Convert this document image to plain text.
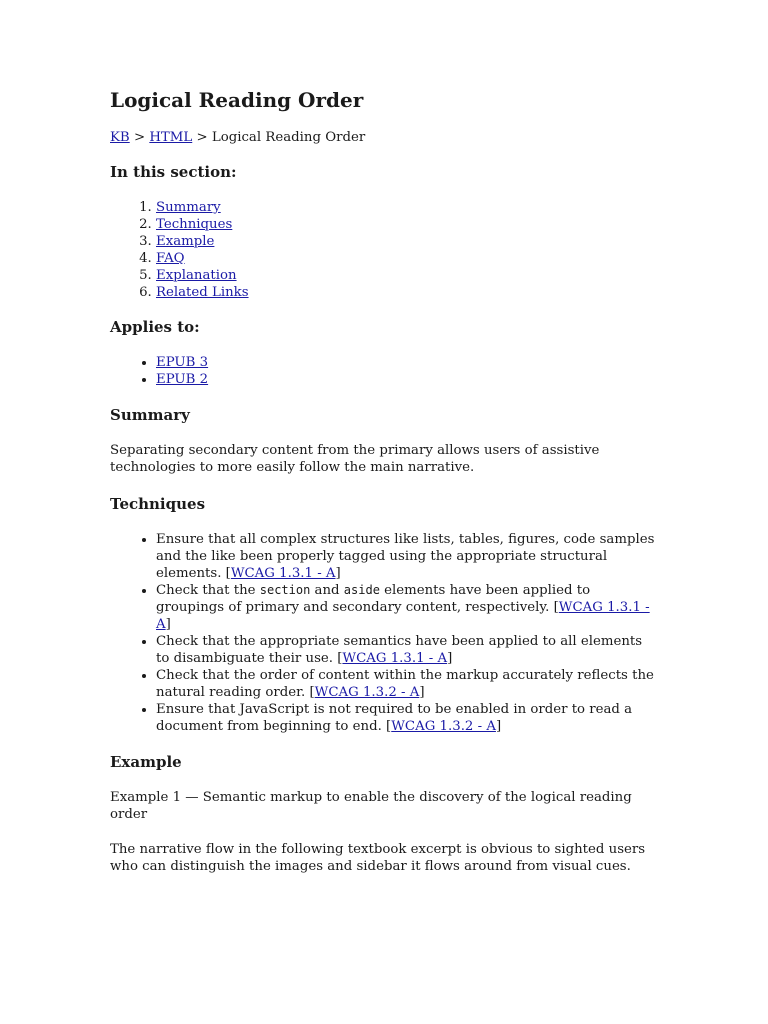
Logical Reading Order

KB > HTML > Logical Reading Order

In this section:
1. Summary
2. Techniques
3. Example
4. FAQ
5. Explanation
6. Related Links
Applies to:
• EPUB 3
• EPUB 2
Summary

Separating secondary content from the primary allows users of assistive technologies to more easily follow the main narrative.

Techniques
• Ensure that all complex structures like lists, tables, figures, code samples and the like been properly tagged using the appropriate structural elements. [WCAG 1.3.1 - A]
• Check that the section and aside elements have been applied to groupings of primary and secondary content, respectively. [WCAG 1.3.1 - A]
• Check that the appropriate semantics have been applied to all elements to disambiguate their use. [WCAG 1.3.1 - A]
• Check that the order of content within the markup accurately reflects the natural reading order. [WCAG 1.3.2 - A]
• Ensure that JavaScript is not required to be enabled in order to read a document from beginning to end. [WCAG 1.3.2 - A]
Example

Example 1 — Semantic markup to enable the discovery of the logical reading order

The narrative flow in the following textbook excerpt is obvious to sighted users who can distinguish the images and sidebar it flows around from visual cues.
